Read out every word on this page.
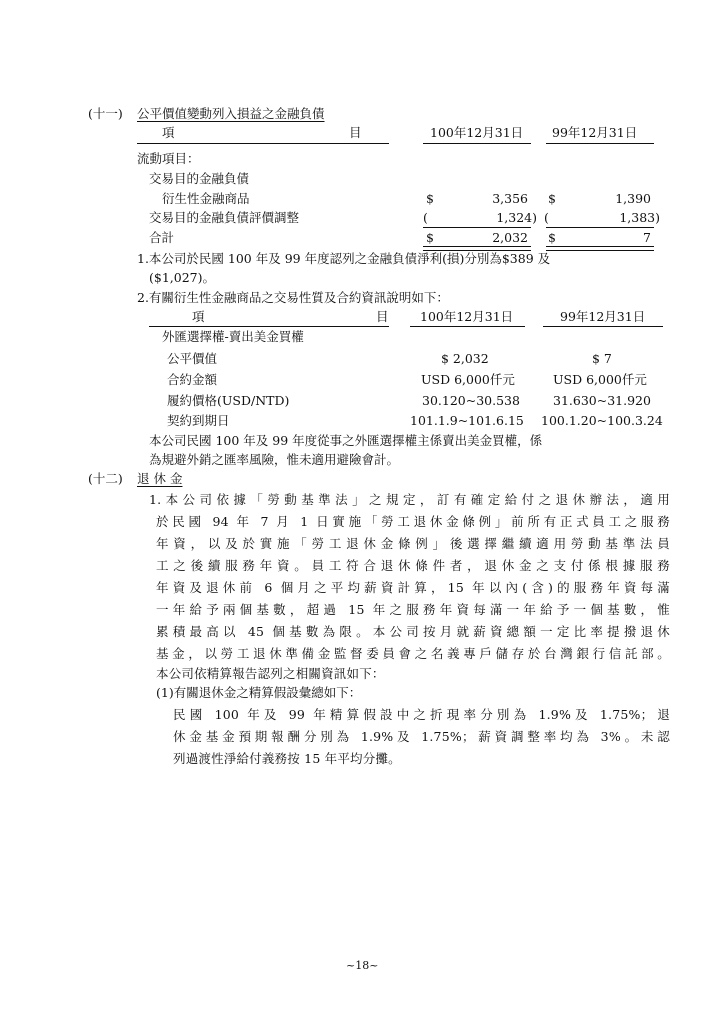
(十一) 公平價值變動列入損益之金融負債
項	目	100年12月31日 99年12月31日
流動項目：
交易目的金融負債
衍生性金融商品	$	3,356 $	1,390
交易目的金融負債評價調整	(	1,324) (	1,383)
合計	$	2,032 $	7
1.本公司於民國 100 年及 99 年度認列之金融負債淨利(損)分別為$389 及
($1,027)。
2.有關衍生性金融商品之交易性質及合約資訊說明如下：
項	目	100年12月31日	99年12月31日
外匯選擇權-賣出美金買權
公平價值	$ 2,032	$ 7
合約金額	USD 6,000仟元	USD 6,000仟元
履約價格(USD/NTD)	30.120~30.538	31.630~31.920
契約到期日	101.1.9~101.6.15 100.1.20~100.3.24
本公司民國 100 年及 99 年度從事之外匯選擇權主係賣出美金買權，係
為規避外銷之匯率風險，惟未適用避險會計。
(十二) 退 休 金
1.本公司依據「勞動基準法」之規定，訂有確定給付之退休辦法，適用
於民國 94 年 7 月 1 日實施「勞工退休金條例」前所有正式員工之服務
年資，以及於實施「勞工退休金條例」後選擇繼續適用勞動基準法員
工之後續服務年資。員工符合退休條件者，退休金之支付係根據服務
年資及退休前 6 個月之平均薪資計算，15 年以內(含)的服務年資每滿
一年給予兩個基數，超過 15 年之服務年資每滿一年給予一個基數，惟
累積最高以 45 個基數為限。本公司按月就薪資總額一定比率提撥退休
基金，以勞工退休準備金監督委員會之名義專戶儲存於台灣銀行信託部。
本公司依精算報告認列之相關資訊如下：
(1)有關退休金之精算假設彙總如下：
民國 100 年及 99 年精算假設中之折現率分別為 1.9%及 1.75%；退
休金基金預期報酬分別為 1.9%及 1.75%；薪資調整率均為 3%。未認
列過渡性淨給付義務按 15 年平均分攤。
~18~
